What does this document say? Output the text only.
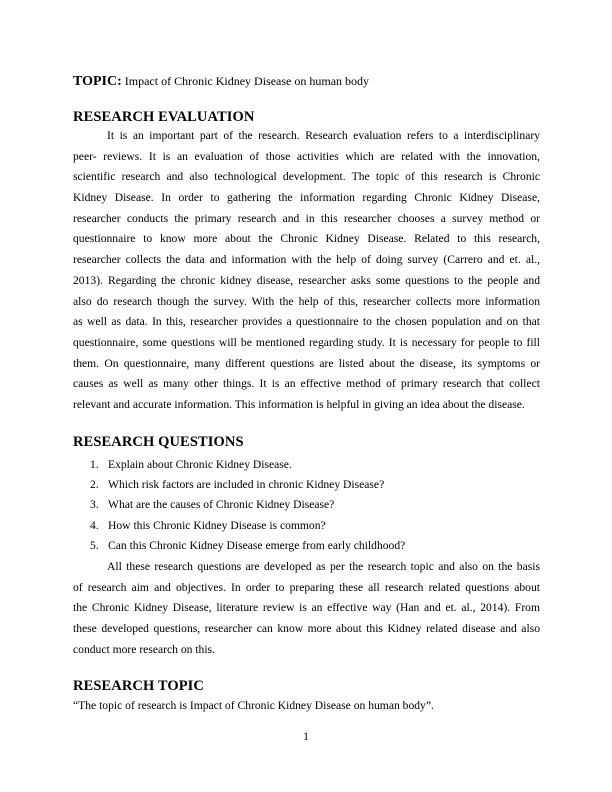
TOPIC: Impact of Chronic Kidney Disease on human body
RESEARCH EVALUATION
It is an important part of the research. Research evaluation refers to a interdisciplinary
peer- reviews. It is an evaluation of those activities which are related with the innovation,
scientific research and also technological development. The topic of this research is Chronic
Kidney Disease. In order to gathering the information regarding Chronic Kidney Disease,
researcher conducts the primary research and in this researcher chooses a survey method or
questionnaire to know more about the Chronic Kidney Disease. Related to this research,
researcher collects the data and information with the help of doing survey (Carrero and et. al.,
2013). Regarding the chronic kidney disease, researcher asks some questions to the people and
also do research though the survey. With the help of this, researcher collects more information
as well as data. In this, researcher provides a questionnaire to the chosen population and on that
questionnaire, some questions will be mentioned regarding study. It is necessary for people to fill
them. On questionnaire, many different questions are listed about the disease, its symptoms or
causes as well as many other things. It is an effective method of primary research that collect
relevant and accurate information. This information is helpful in giving an idea about the disease.
RESEARCH QUESTIONS
1. Explain about Chronic Kidney Disease.
2. Which risk factors are included in chronic Kidney Disease?
3. What are the causes of Chronic Kidney Disease?
4. How this Chronic Kidney Disease is common?
5. Can this Chronic Kidney Disease emerge from early childhood?
All these research questions are developed as per the research topic and also on the basis
of research aim and objectives. In order to preparing these all research related questions about
the Chronic Kidney Disease, literature review is an effective way (Han and et. al., 2014). From
these developed questions, researcher can know more about this Kidney related disease and also
conduct more research on this.
RESEARCH TOPIC
“The topic of research is Impact of Chronic Kidney Disease on human body”.
1
